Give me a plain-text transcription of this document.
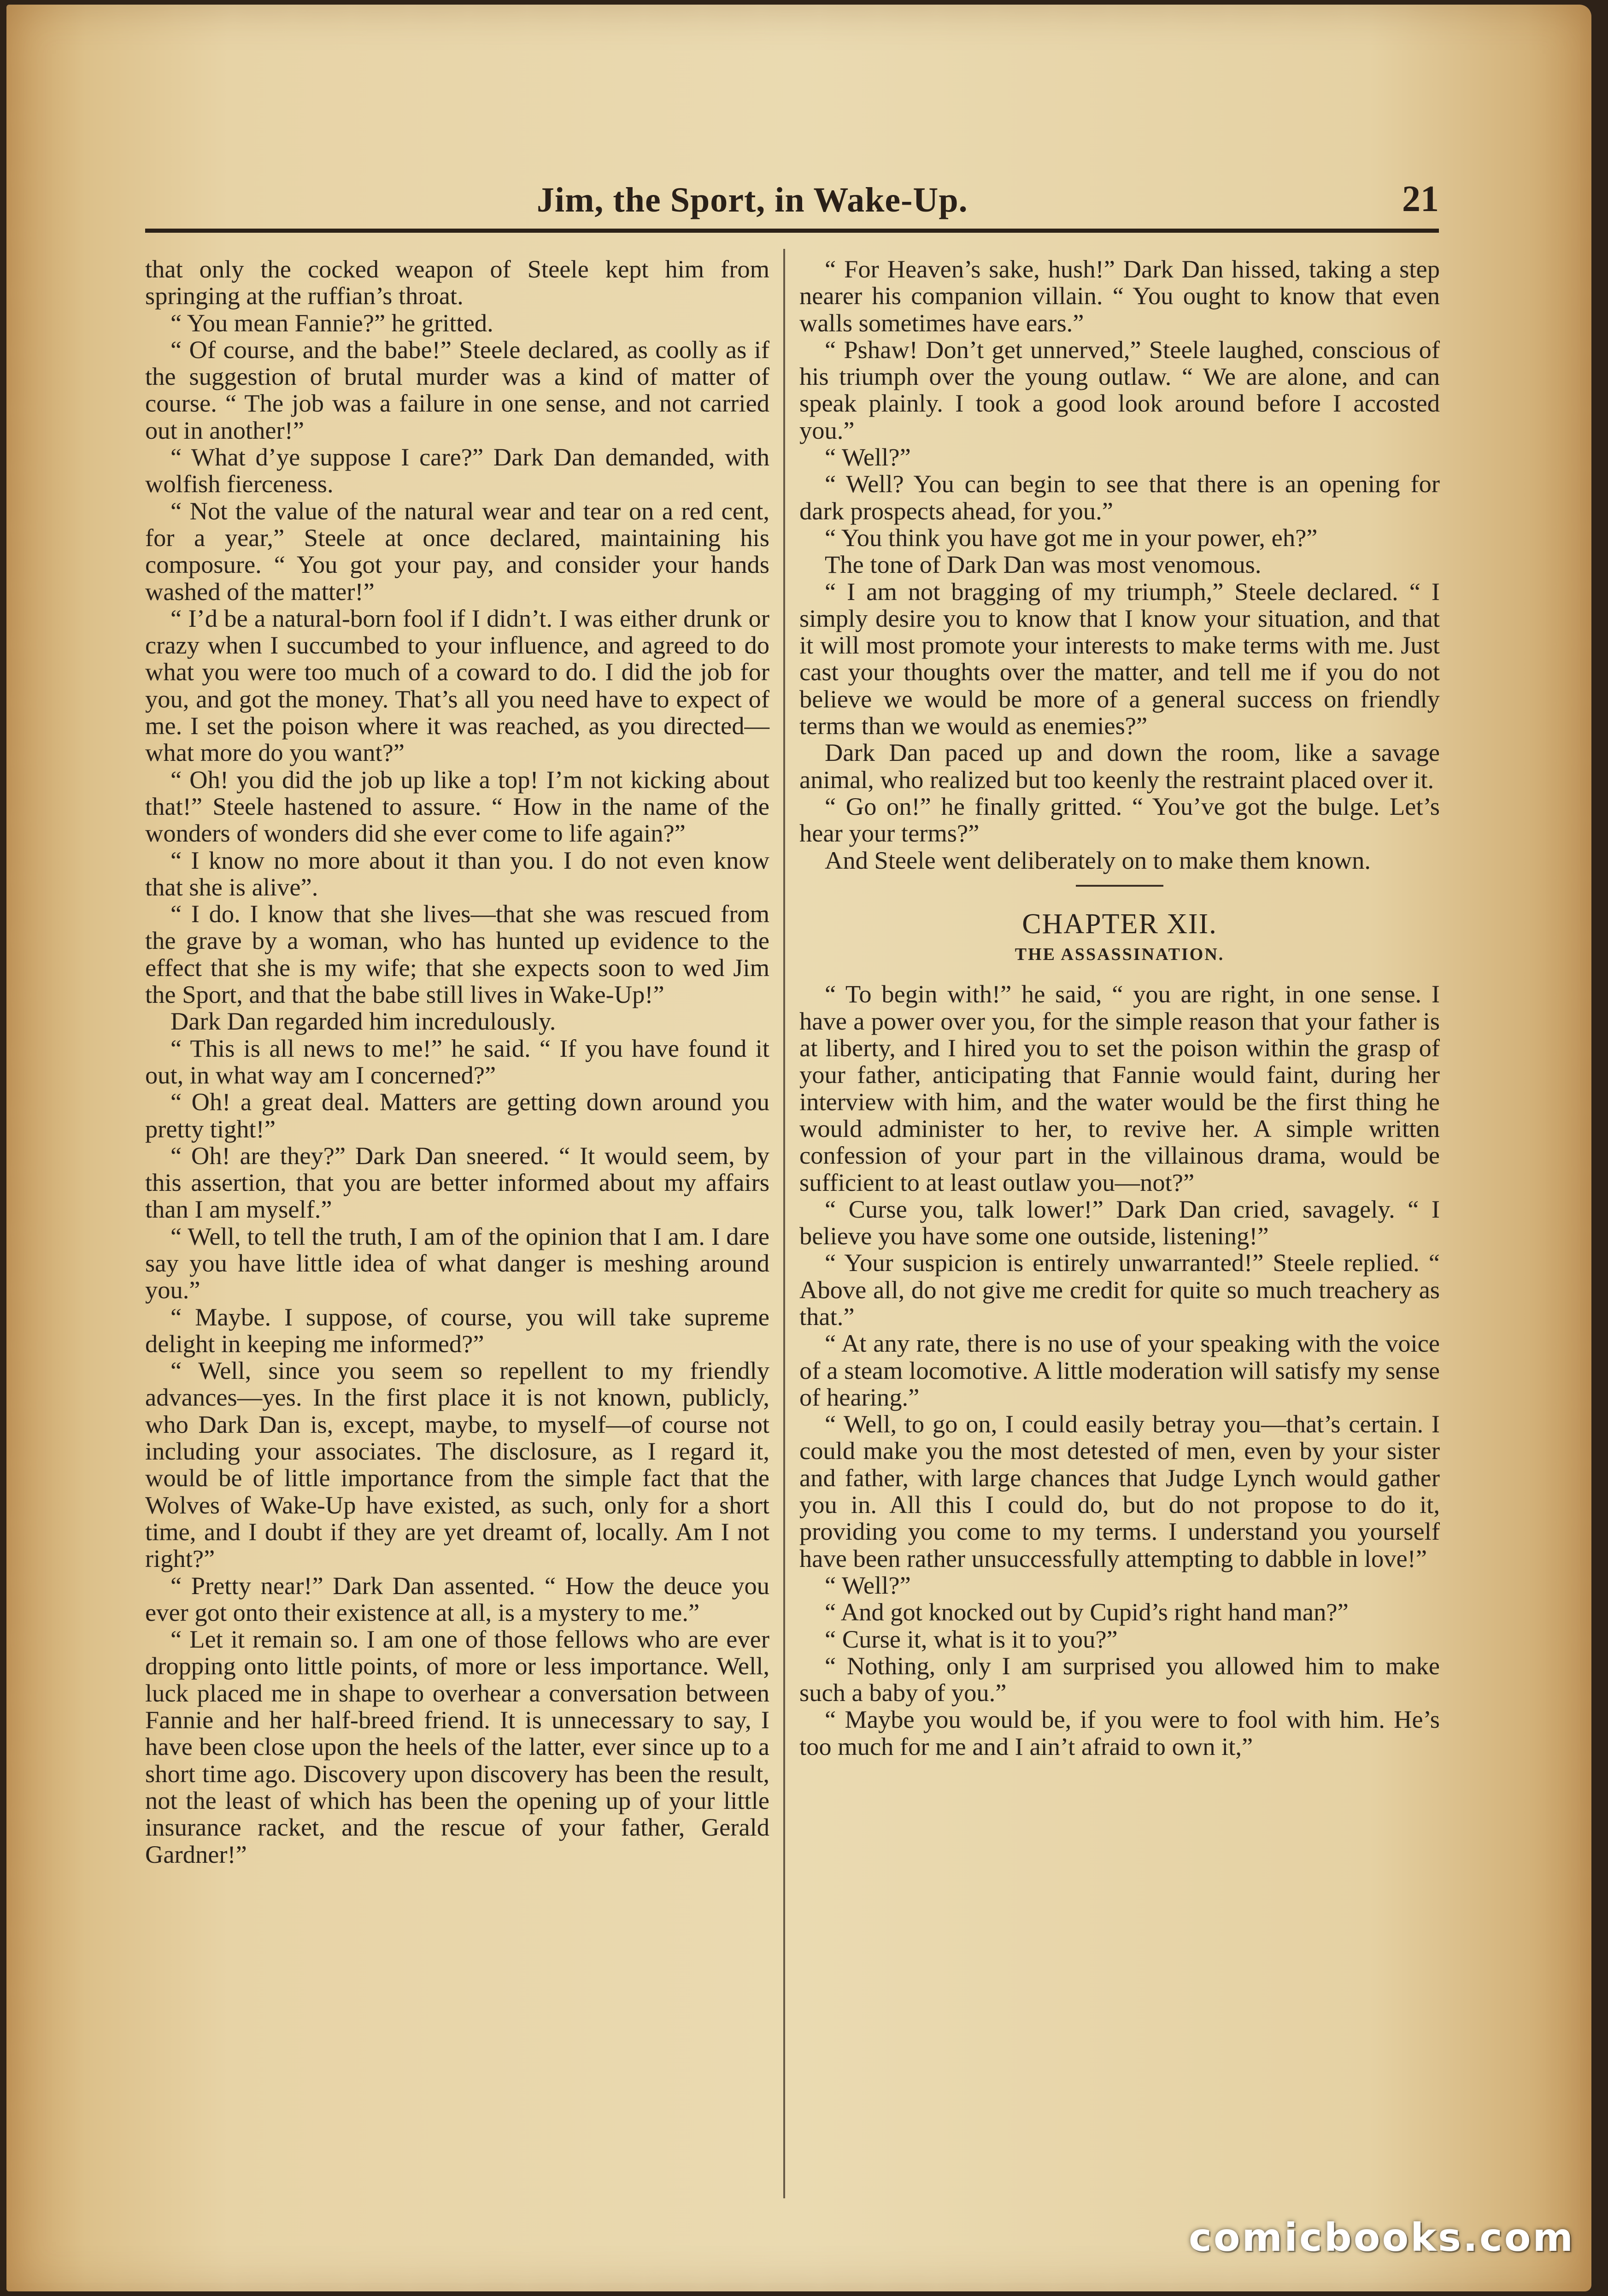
Jim, the Sport, in Wake-Up.	21

that only the cocked weapon of Steele kept him from springing at the ruffian’s throat.

“ You mean Fannie?” he gritted.

“ Of course, and the babe!” Steele declared, as coolly as if the suggestion of brutal murder was a kind of matter of course. “ The job was a failure in one sense, and not carried out in another!”

“ What d’ye suppose I care?” Dark Dan demanded, with wolfish fierceness.

“ Not the value of the natural wear and tear on a red cent, for a year,” Steele at once declared, maintaining his composure. “ You got your pay, and consider your hands washed of the matter!”

“ I’d be a natural-born fool if I didn’t. I was either drunk or crazy when I succumbed to your influence, and agreed to do what you were too much of a coward to do. I did the job for you, and got the money. That’s all you need have to expect of me. I set the poison where it was reached, as you directed—what more do you want?”

“ Oh! you did the job up like a top! I’m not kicking about that!” Steele hastened to assure. “ How in the name of the wonders of wonders did she ever come to life again?”

“ I know no more about it than you. I do not even know that she is alive”.

“ I do. I know that she lives—that she was rescued from the grave by a woman, who has hunted up evidence to the effect that she is my wife; that she expects soon to wed Jim the Sport, and that the babe still lives in Wake-Up!”

Dark Dan regarded him incredulously.

“ This is all news to me!” he said. “ If you have found it out, in what way am I concerned?”

“ Oh! a great deal. Matters are getting down around you pretty tight!”

“ Oh! are they?” Dark Dan sneered. “ It would seem, by this assertion, that you are better informed about my affairs than I am myself.”

“ Well, to tell the truth, I am of the opinion that I am. I dare say you have little idea of what danger is meshing around you.”

“ Maybe. I suppose, of course, you will take supreme delight in keeping me informed?”

“ Well, since you seem so repellent to my friendly advances—yes. In the first place it is not known, publicly, who Dark Dan is, except, maybe, to myself—of course not including your associates. The disclosure, as I regard it, would be of little importance from the simple fact that the Wolves of Wake-Up have existed, as such, only for a short time, and I doubt if they are yet dreamt of, locally. Am I not right?”

“ Pretty near!” Dark Dan assented. “ How the deuce you ever got onto their existence at all, is a mystery to me.”

“ Let it remain so. I am one of those fellows who are ever dropping onto little points, of more or less importance. Well, luck placed me in shape to overhear a conversation between Fannie and her half-breed friend. It is unnecessary to say, I have been close upon the heels of the latter, ever since up to a short time ago. Discovery upon discovery has been the result, not the least of which has been the opening up of your little insurance racket, and the rescue of your father, Gerald Gardner!”

“ For Heaven’s sake, hush!” Dark Dan hissed, taking a step nearer his companion villain. “ You ought to know that even walls sometimes have ears.”

“ Pshaw! Don’t get unnerved,” Steele laughed, conscious of his triumph over the young outlaw. “ We are alone, and can speak plainly. I took a good look around before I accosted you.”

“ Well?”

“ Well? You can begin to see that there is an opening for dark prospects ahead, for you.”

“ You think you have got me in your power, eh?”

The tone of Dark Dan was most venomous.

“ I am not bragging of my triumph,” Steele declared. “ I simply desire you to know that I know your situation, and that it will most promote your interests to make terms with me. Just cast your thoughts over the matter, and tell me if you do not believe we would be more of a general success on friendly terms than we would as enemies?”

Dark Dan paced up and down the room, like a savage animal, who realized but too keenly the restraint placed over it.

“ Go on!” he finally gritted. “ You’ve got the bulge. Let’s hear your terms?”

And Steele went deliberately on to make them known.

CHAPTER XII.
THE ASSASSINATION.

“ To begin with!” he said, “ you are right, in one sense. I have a power over you, for the simple reason that your father is at liberty, and I hired you to set the poison within the grasp of your father, anticipating that Fannie would faint, during her interview with him, and the water would be the first thing he would administer to her, to revive her. A simple written confession of your part in the villainous drama, would be sufficient to at least outlaw you—not?”

“ Curse you, talk lower!” Dark Dan cried, savagely. “ I believe you have some one outside, listening!”

“ Your suspicion is entirely unwarranted!” Steele replied. “ Above all, do not give me credit for quite so much treachery as that.”

“ At any rate, there is no use of your speaking with the voice of a steam locomotive. A little moderation will satisfy my sense of hearing.”

“ Well, to go on, I could easily betray you—that’s certain. I could make you the most detested of men, even by your sister and father, with large chances that Judge Lynch would gather you in. All this I could do, but do not propose to do it, providing you come to my terms. I understand you yourself have been rather unsuccessfully attempting to dabble in love!”

“ Well?”

“ And got knocked out by Cupid’s right hand man?”

“ Curse it, what is it to you?”

“ Nothing, only I am surprised you allowed him to make such a baby of you.”

“ Maybe you would be, if you were to fool with him. He’s too much for me and I ain’t afraid to own it,”

comicbooks.com
